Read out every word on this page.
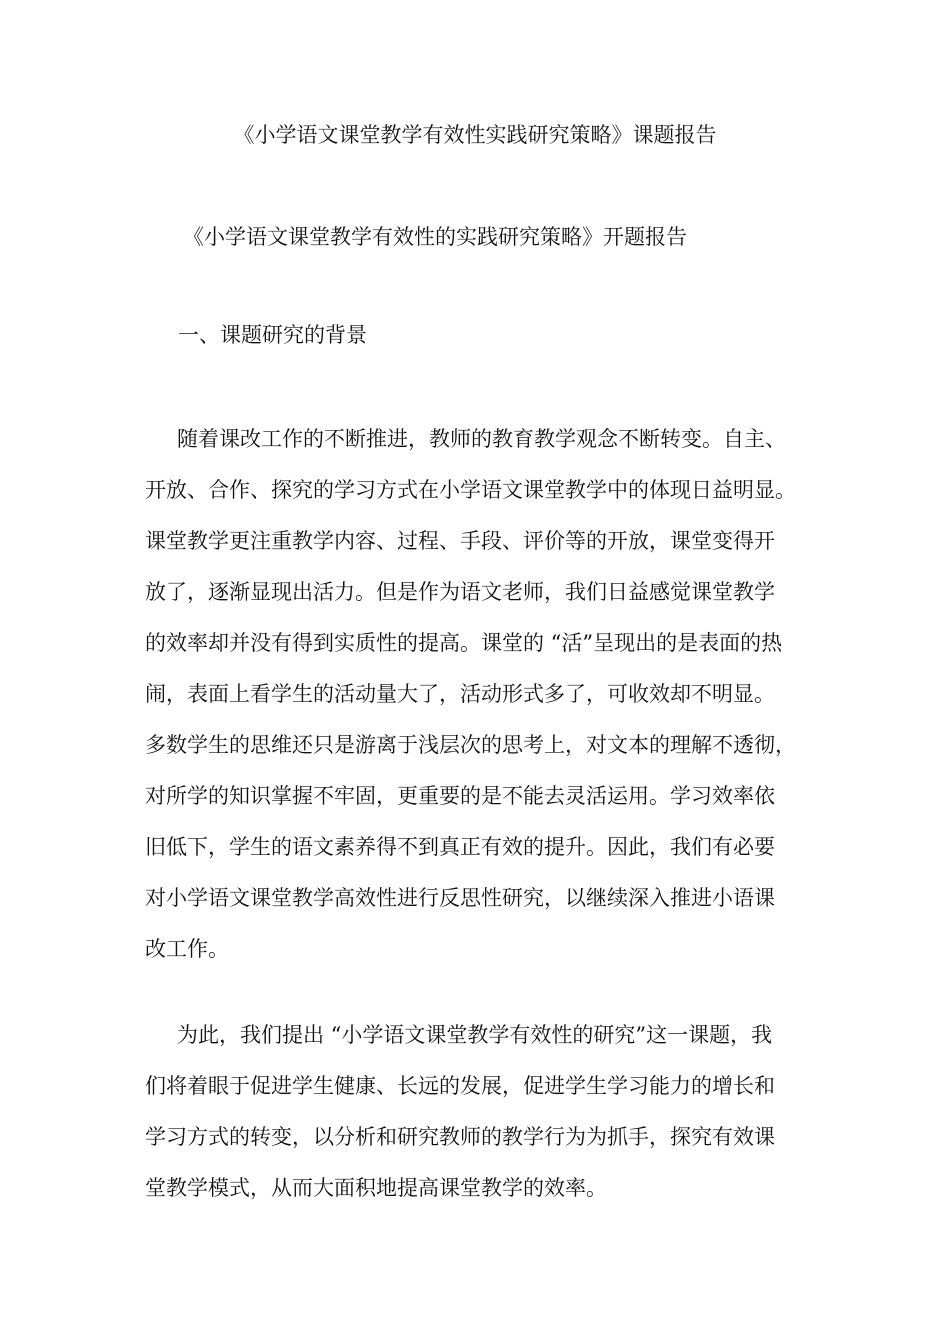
《小学语文课堂教学有效性实践研究策略》课题报告
《小学语文课堂教学有效性的实践研究策略》开题报告
一、课题研究的背景
随着课改工作的不断推进，教师的教育教学观念不断转变。自主、
开放、合作、探究的学习方式在小学语文课堂教学中的体现日益明显。
课堂教学更注重教学内容、过程、手段、评价等的开放，课堂变得开
放了，逐渐显现出活力。但是作为语文老师，我们日益感觉课堂教学
的效率却并没有得到实质性的提高。课堂的 “活”呈现出的是表面的热
闹，表面上看学生的活动量大了，活动形式多了，可收效却不明显。
多数学生的思维还只是游离于浅层次的思考上，对文本的理解不透彻，
对所学的知识掌握不牢固，更重要的是不能去灵活运用。学习效率依
旧低下，学生的语文素养得不到真正有效的提升。因此，我们有必要
对小学语文课堂教学高效性进行反思性研究，以继续深入推进小语课
改工作。
为此，我们提出 “小学语文课堂教学有效性的研究”这一课题，我
们将着眼于促进学生健康、长远的发展，促进学生学习能力的增长和
学习方式的转变，以分析和研究教师的教学行为为抓手，探究有效课
堂教学模式，从而大面积地提高课堂教学的效率。
